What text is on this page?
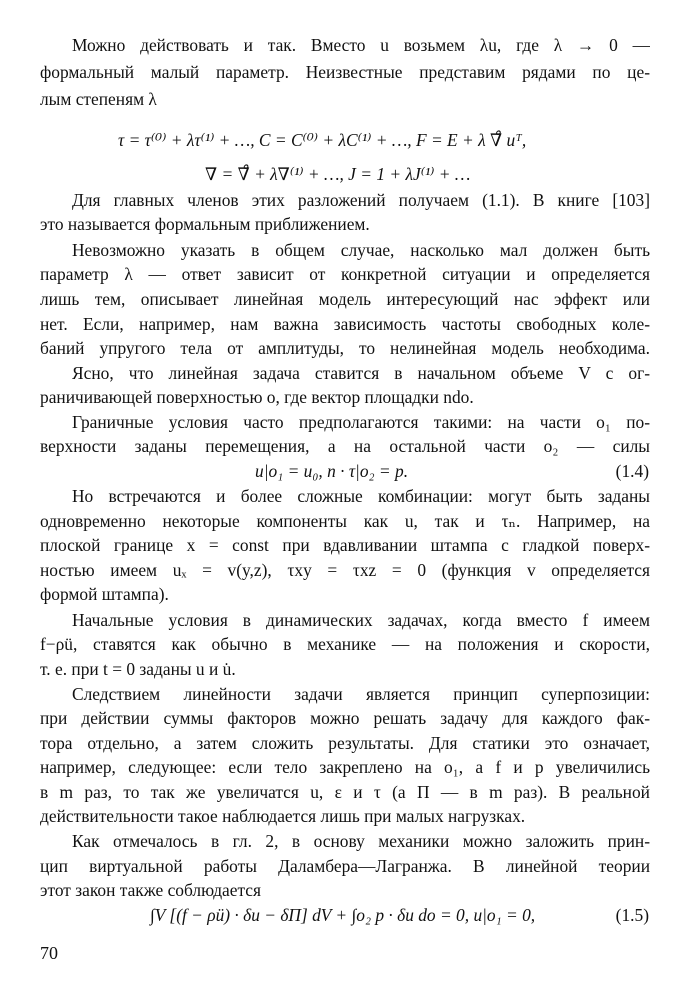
Можно действовать и так. Вместо u возьмем λu, где λ → 0 —
формальный малый параметр. Неизвестные представим рядами по це-
лым степеням λ
τ = τ⁽⁰⁾ + λτ⁽¹⁾ + …, C = C⁽⁰⁾ + λC⁽¹⁾ + …, F = E + λ ∇̊ uᵀ,
∇ = ∇̊ + λ∇⁽¹⁾ + …, J = 1 + λJ⁽¹⁾ + …
Для главных членов этих разложений получаем (1.1). В книге [103]
это называется формальным приближением.
Невозможно указать в общем случае, насколько мал должен быть
параметр λ — ответ зависит от конкретной ситуации и определяется
лишь тем, описывает линейная модель интересующий нас эффект или
нет. Если, например, нам важна зависимость частоты свободных коле-
баний упругого тела от амплитуды, то нелинейная модель необходима.
Ясно, что линейная задача ставится в начальном объеме V с ог-
раничивающей поверхностью o, где вектор площадки ndo.
Граничные условия часто предполагаются такими: на части o₁ по-
верхности заданы перемещения, а на остальной части o₂ — силы
u|o₁ = u₀, n · τ|o₂ = p.	(1.4)
Но встречаются и более сложные комбинации: могут быть заданы
одновременно некоторые компоненты как u, так и τₙ. Например, на
плоской границе x = const при вдавливании штампа с гладкой поверх-
ностью имеем uₓ = v(y,z), τxy = τxz = 0 (функция v определяется
формой штампа).
Начальные условия в динамических задачах, когда вместо f имеем
f−ρü, ставятся как обычно в механике — на положения и скорости,
т. е. при t = 0 заданы u и u̇.
Следствием линейности задачи является принцип суперпозиции:
при действии суммы факторов можно решать задачу для каждого фак-
тора отдельно, а затем сложить результаты. Для статики это означает,
например, следующее: если тело закреплено на o₁, а f и p увеличились
в m раз, то так же увеличатся u, ε и τ (а Π — в m раз). В реальной
действительности такое наблюдается лишь при малых нагрузках.
Как отмечалось в гл. 2, в основу механики можно заложить прин-
цип виртуальной работы Даламбера—Лагранжа. В линейной теории
этот закон также соблюдается
∫V [(f − ρü) · δu − δΠ] dV + ∫o₂ p · δu do = 0, u|o₁ = 0,	(1.5)
70
